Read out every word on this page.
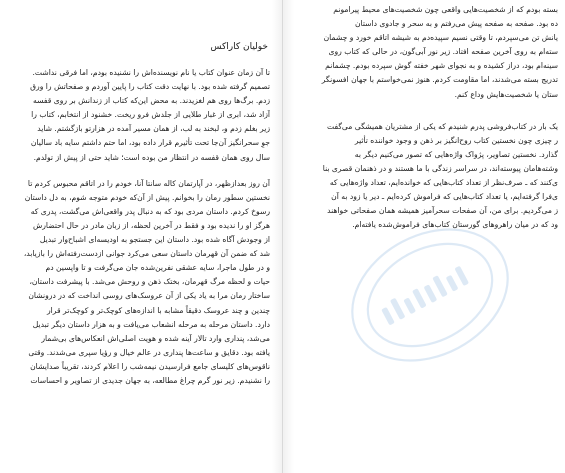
خولیان کاراکس
تا آن زمان عنوان کتاب یا نام نویسنده‌اش را نشنیده بودم، اما فرقی نداشت.
تصمیم گرفته شده بود. با نهایت دقت کتاب را پایین آوردم و صفحاتش را ورق
زدم. برگ‌ها روی هم لغزیدند. به محض این‌که کتاب از زندانش بر روی قفسه
آزاد شد، ابری از غبار طلایی از جلدش فرو ریخت. خشنود از انتخابم، کتاب را
زیر بغلم زدم و، لبخند به لب، از همان مسیر آمده در هزارتو بازگشتم. شاید
جوِ سحرانگیز آن‌جا تحت تأثیرم قرار داده بود، اما حتم داشتم سایه باد سالیان
سال روی همان قفسه در انتظار من بوده است؛ شاید حتی از پیش از تولدم.
آن روز بعدازظهر، در آپارتمان کاله سانتا آنا، خودم را در اتاقم محبوس کردم تا
نخستین سطور رمان را بخوانم. پیش از آن‌که خودم متوجه شوم، به دل داستان
رسوخ کردم. داستان مردی بود که به دنبال پدر واقعی‌اش می‌گشت، پدری که
هرگز او را ندیده بود و فقط در آخرین لحظه، از زبان مادر در حال احتضارش
از وجودش آگاه شده بود. داستان این جستجو به اودیسه‌ای اشباح‌وار تبدیل
شد که ضمن آن قهرمان داستان سعی می‌کرد جوانی ازدست‌رفته‌اش را بازیابد،
و در طول ماجرا، سایه عشقی نفرین‌شده جان می‌گرفت و تا واپسین دم
حیات و لحظه مرگ قهرمان، بختک ذهن و روحش می‌شد. با پیشرفت داستان،
ساختار رمان مرا به یاد یکی از آن عروسک‌های روسی انداخت که در درونشان
چندین و چند عروسک دقیقاً مشابه با اندازه‌های کوچک‌تر و کوچک‌تر قرار
دارد. داستان مرحله به مرحله انشعاب می‌یافت و به هزار داستان دیگر تبدیل
می‌شد، پنداری وارد تالار آینه شده و هویت اصلی‌اش انعکاس‌های بی‌شمار
یافته بود. دقایق و ساعت‌ها پنداری در عالم خیال و رؤیا سپری می‌شدند. وقتی
ناقوس‌های کلیسای جامع فرارسیدن نیمه‌شب را اعلام کردند، تقریباً صدایشان
را نشنیدم. زیر نور گرم چراغ مطالعه، به جهان جدیدی از تصاویر و احساسات
بسته بودم که از شخصیت‌هایی واقعی چون شخصیت‌های محیط پیرامونم
ده بود. صفحه به صفحه پیش می‌رفتم و به سحر و جادوی داستان
یانش تن می‌سپردم، تا وقتی نسیم سپیده‌دم به شیشه اتاقم خورد و چشمان
سته‌ام به روی آخرین صفحه افتاد. زیر نور آبی‌گون، در حالی که کتاب روی
سینه‌ام بود، دراز کشیده و به نجوای شهر خفته گوش سپرده بودم. چشمانم
تدریج بسته می‌شدند، اما مقاومت کردم. هنوز نمی‌خواستم با جهان افسونگر
ستان یا شخصیت‌هایش وداع کنم.
یک بار در کتاب‌فروشی پدرم شنیدم که یکی از مشتریان همیشگی می‌گفت
ر چیزی چون نخستین کتاب روح‌انگیز بر ذهن و وجود خواننده تأثیر
گذارد. نخستین تصاویر، پژواک واژه‌هایی که تصور می‌کنیم دیگر به
وشته‌هامان پیوسته‌اند، در سراسر زندگی با ما هستند و در ذهنمان قصری بنا
ی‌کنند که ـ صرف‌نظر از تعداد کتاب‌هایی که خوانده‌ایم، تعداد واژه‌هایی که
ی‌فرا گرفته‌ایم، یا تعداد کتاب‌هایی که فراموش کرده‌ایم ـ دیر یا زود به آن
ز می‌گردیم. برای من، آن صفحات سحرآمیز همیشه همان صفحاتی خواهند
ود که در میان راهروهای گورستان کتاب‌های فراموش‌شده یافته‌ام.
